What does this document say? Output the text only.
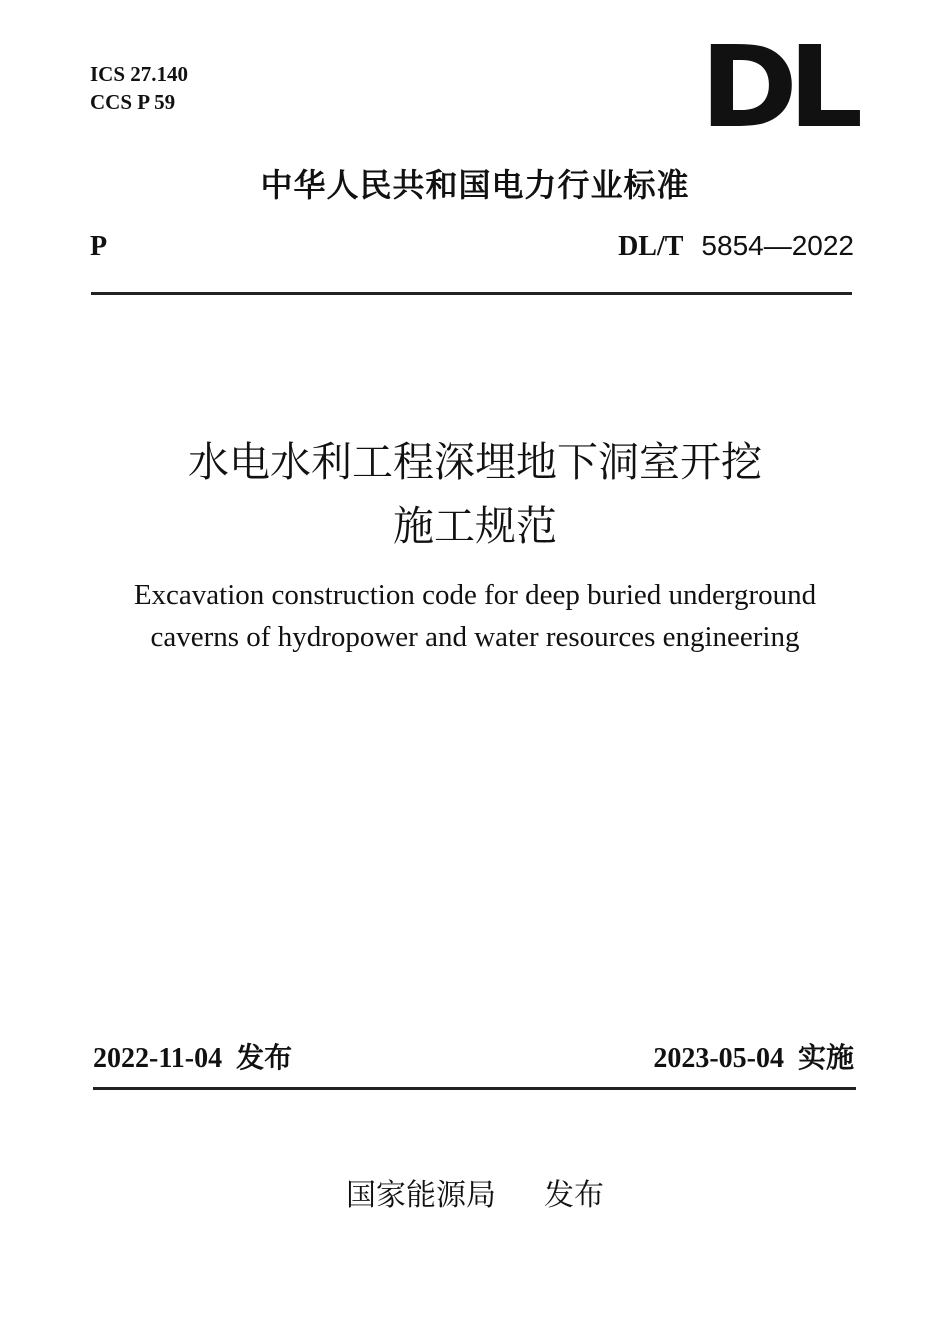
ICS 27.140
CCS P 59	DL
中华人民共和国电力行业标准
P	DL/T 5854—2022
水电水利工程深埋地下洞室开挖
施工规范
Excavation construction code for deep buried underground
caverns of hydropower and water resources engineering
2022-11-04 发布	2023-05-04 实施
国家能源局 发布
